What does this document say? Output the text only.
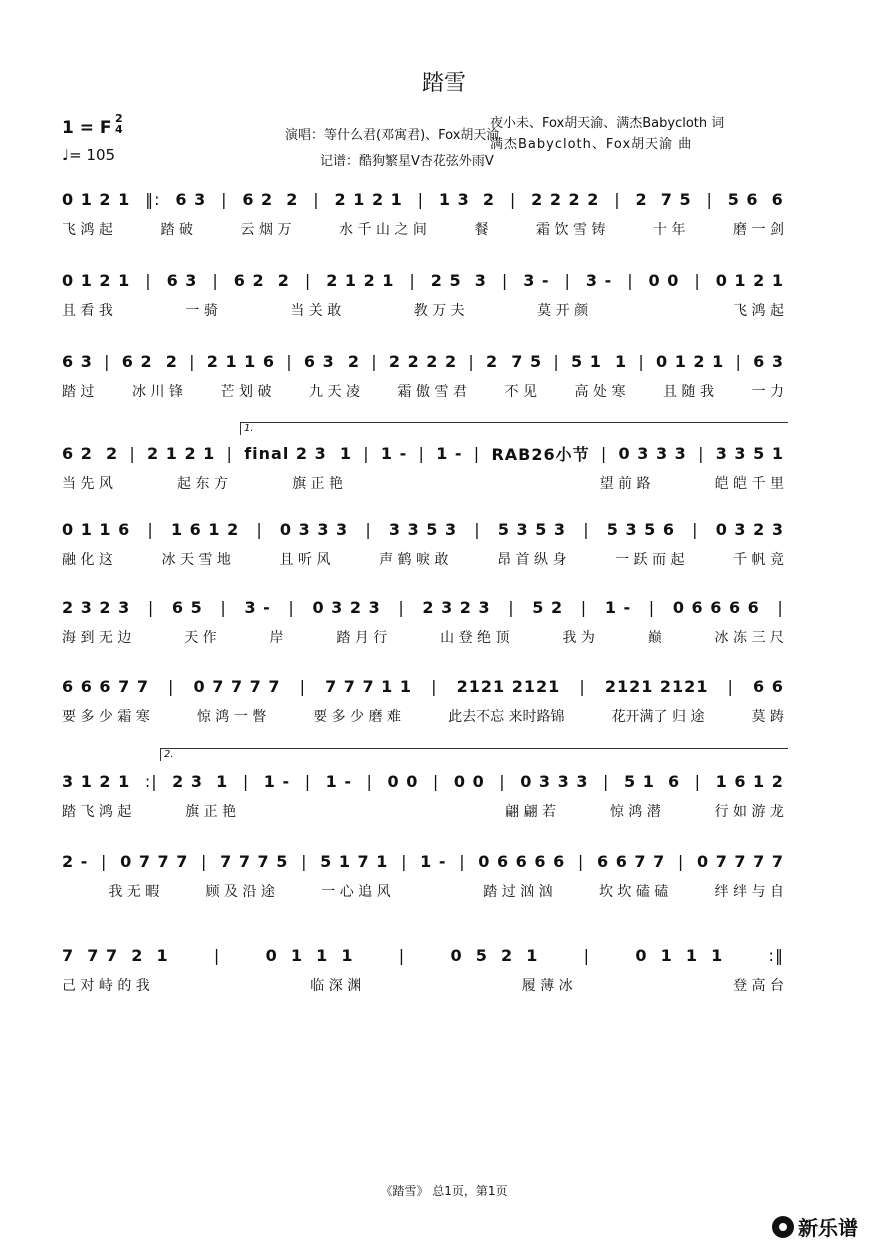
踏雪
1 = F 2
4
♩= 105
演唱：等什么君(邓寓君)、Fox胡天渝
夜小未、Fox胡天渝、满杰Babycloth 词
满杰Babycloth、Fox胡天渝 曲
记谱：酷狗繁星V杏花弦外雨V
0 1 2 1 ‖: 6 3 | 6 2  2 | 2 1 2 1 | 1 3  2 | 2 2 2 2 | 2  7 5 | 5 6  6
飞 鸿 起	踏 破	云 烟 万	水 千 山 之 间	餐	霜 饮 雪 铸	十 年	磨 一 剑
0 1 2 1 | 6 3 | 6 2  2 | 2 1 2 1 | 2 5  3 | 3 - | 3 - | 0 0 | 0 1 2 1
且 看 我	一 骑	当 关 敢	教 万 夫	莫 开 颜	飞 鸿 起
6 3 | 6 2  2 | 2 1 1 6 | 6 3  2 | 2 2 2 2 | 2  7 5 | 5 1  1 | 0 1 2 1 | 6 3
踏 过	冰 川 锋	芒 划 破	九 天 凌	霜 傲 雪 君	不 见	高 处 寒	且 随 我	一 力
6 2  2 | 2 1 2 1 | final 2 3  1 | 1 - | 1 - | RAB26小节 | 0 3 3 3 | 3 3 5 1
当 先 风	起 东 方	旗 正 艳	望 前 路	皑 皑 千 里
0 1 1 6 | 1 6 1 2 | 0 3 3 3 | 3 3 5 3 | 5 3 5 3 | 5 3 5 6 | 0 3 2 3
融 化 这	冰 天 雪 地	且 听 风	声 鹤 唳 敢	昂 首 纵 身	一 跃 而 起	千 帆 竞
2 3 2 3 | 6 5 | 3 - | 0 3 2 3 | 2 3 2 3 | 5 2 | 1 - | 0 6 6 6 6 |
海 到 无 边	天 作	岸	踏 月 行	山 登 绝 顶	我 为	巅	冰 冻 三 尺
6 6 6 7 7 | 0 7 7 7 7 | 7 7 7 1 1 | 2121 2121 | 2121 2121 | 6 6
要 多 少 霜 寒	惊 鸿 一 瞥	要 多 少 磨 难	此去不忘 来时路锦	花开满了 归 途	莫 踌
3 1 2 1 :| 2 3  1 | 1 - | 1 - | 0 0 | 0 0 | 0 3 3 3 | 5 1  6 | 1 6 1 2
踏 飞 鸿 起	旗 正 艳	翩 翩 若	惊 鸿 潜	行 如 游 龙
2 - | 0 7 7 7 | 7 7 7 5 | 5 1 7 1 | 1 - | 0 6 6 6 6 | 6 6 7 7 | 0 7 7 7 7
我 无 暇	顾 及 沿 途	一 心 追 风	踏 过 汹 汹	坎 坎 磕 磕	绊 绊 与 自
7  7 7  2  1	|	0  1  1  1	|	0  5  2  1	|	0  1  1  1	:‖
己 对 峙 的 我	临 深 渊	履 薄 冰	登 高 台
1.
2.
《踏雪》 总1页，第1页
新乐谱
